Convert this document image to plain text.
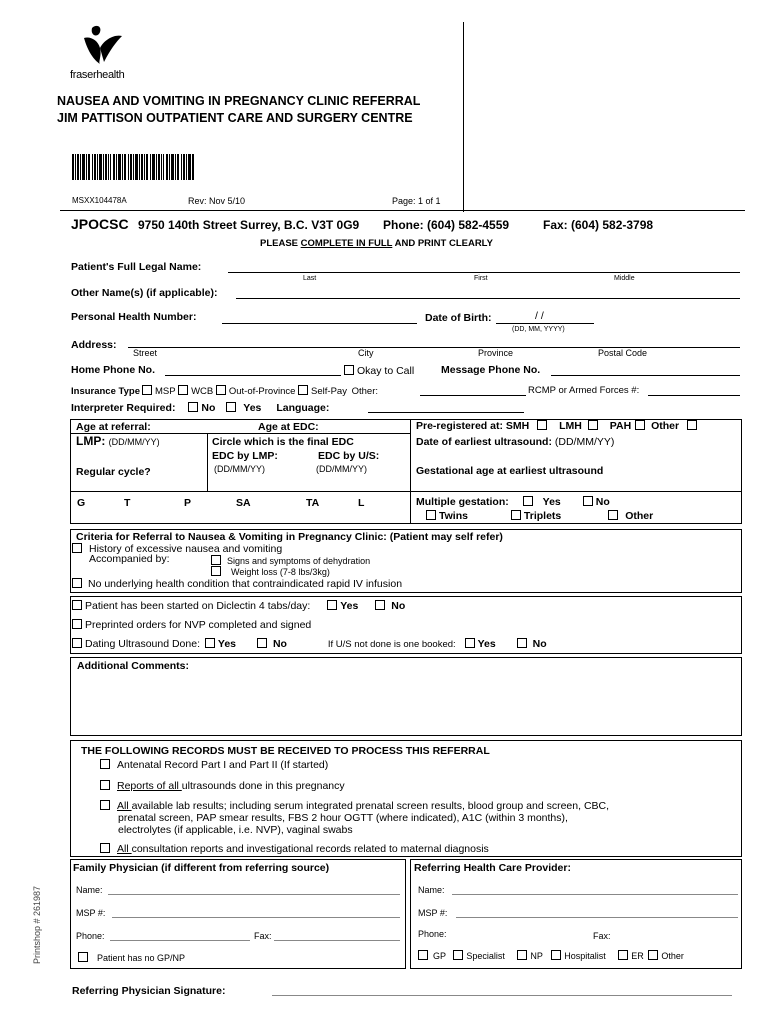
fraserhealth
NAUSEA AND VOMITING IN PREGNANCY CLINIC REFERRAL
JIM PATTISON OUTPATIENT CARE AND SURGERY CENTRE
MSXX104478A	Rev: Nov 5/10	Page: 1 of 1
JPOCSC 9750 140th Street Surrey, B.C. V3T 0G9 Phone: (604) 582-4559	Fax: (604) 582-3798
PLEASE COMPLETE IN FULL AND PRINT CLEARLY
Patient's Full Legal Name:
Last	First	Middle
Other Name(s) (if applicable):
Personal Health Number:	Date of Birth:	/ /
(DD, MM, YYYY)
Address:
Street	City	Province	Postal Code
Home Phone No.	Okay to Call	Message Phone No.
Insurance Type MSP WCB Out-of-Province Self-Pay Other:	RCMP or Armed Forces #:
Interpreter Required: No	Yes Language:
Age at referral:	Age at EDC:
LMP: (DD/MM/YY)	Circle which is the final EDC
EDC by LMP:	EDC by U/S:
(DD/MM/YY)	(DD/MM/YY)
Regular cycle?
G	T	P	SA	TA	L
Pre-registered at: SMH	LMH	PAH Other
Date of earliest ultrasound: (DD/MM/YY)
Gestational age at earliest ultrasound
Multiple gestation:	Yes	No
Twins	Triplets	Other
Criteria for Referral to Nausea & Vomiting in Pregnancy Clinic: (Patient may self refer)
History of excessive nausea and vomiting
Accompanied by:	Signs and symptoms of dehydration
Weight loss (7-8 lbs/3kg)
No underlying health condition that contraindicated rapid IV infusion
Patient has been started on Diclectin 4 tabs/day:	Yes	No
Preprinted orders for NVP completed and signed
Dating Ultrasound Done: Yes	No	If U/S not done is one booked: Yes	No
Additional Comments:
THE FOLLOWING RECORDS MUST BE RECEIVED TO PROCESS THIS REFERRAL
Antenatal Record Part I and Part II (If started)
Reports of all ultrasounds done in this pregnancy
All available lab results; including serum integrated prenatal screen results, blood group and screen, CBC,
prenatal screen, PAP smear results, FBS 2 hour OGTT (where indicated), A1C (within 3 months),
electrolytes (if applicable, i.e. NVP), vaginal swabs
All consultation reports and investigational records related to maternal diagnosis
Family Physician (if different from referring source)
Name:
MSP #:
Phone:	Fax:
Patient has no GP/NP
Referring Health Care Provider:
Name:
MSP #:
Phone:	Fax:
GP Specialist	NP Hospitalist	ER Other
Referring Physician Signature:
Printshop # 261987
